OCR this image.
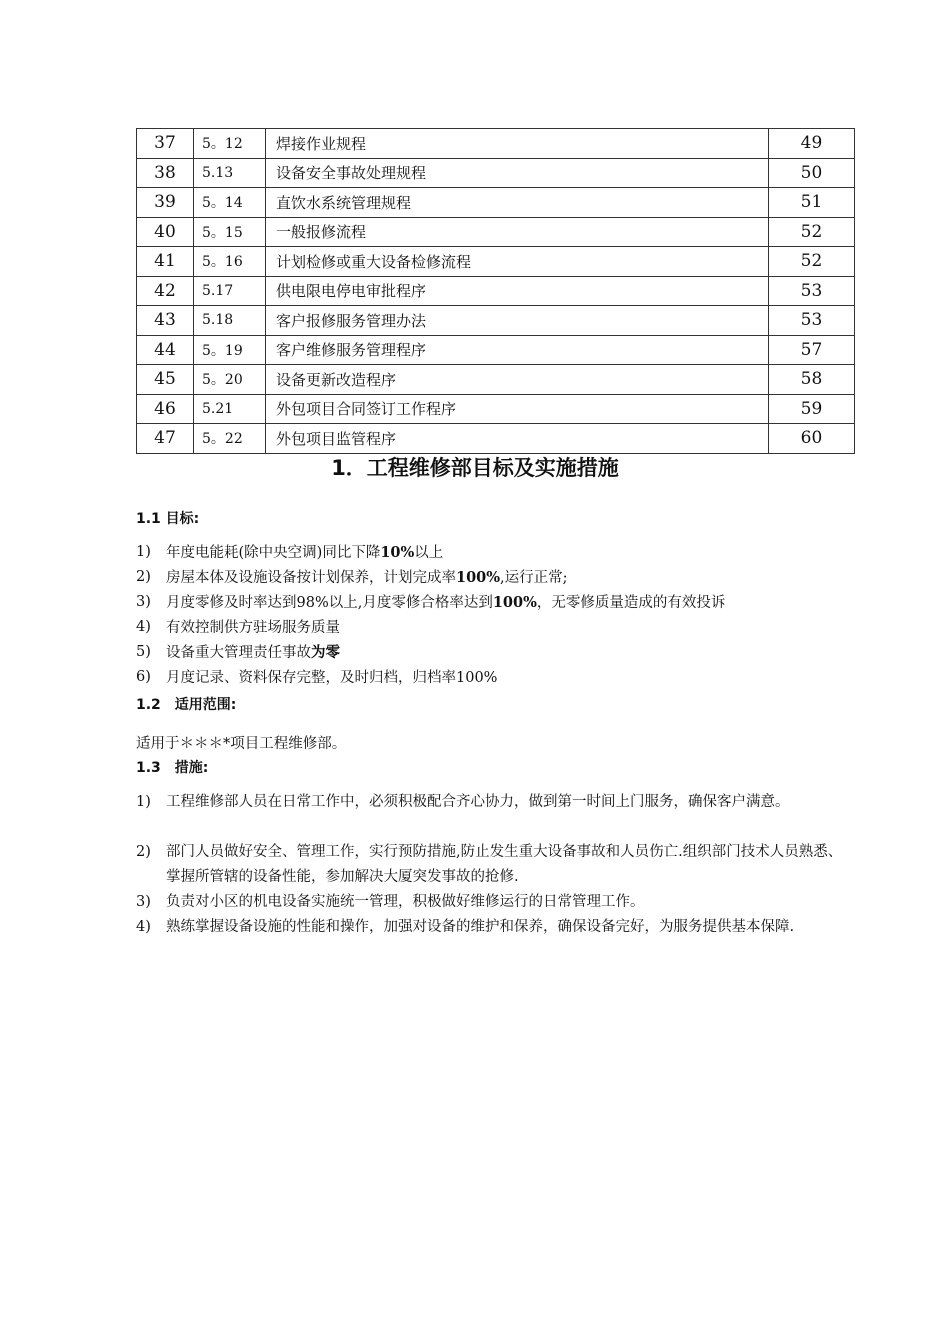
37	5。12	焊接作业规程	49
38	5.13	设备安全事故处理规程	50
39	5。14	直饮水系统管理规程	51
40	5。15	一般报修流程	52
41	5。16	计划检修或重大设备检修流程	52
42	5.17	供电限电停电审批程序	53
43	5.18	客户报修服务管理办法	53
44	5。19	客户维修服务管理程序	57
45	5。20	设备更新改造程序	58
46	5.21	外包项目合同签订工作程序	59
47	5。22	外包项目监管程序	60
1．工程维修部目标及实施措施
1.1 目标:
1) 年度电能耗(除中央空调)同比下降10%以上
2) 房屋本体及设施设备按计划保养，计划完成率100%,运行正常;
3) 月度零修及时率达到98%以上,月度零修合格率达到100%，无零修质量造成的有效投诉
4) 有效控制供方驻场服务质量
5) 设备重大管理责任事故为零
6) 月度记录、资料保存完整，及时归档，归档率100%
1.2　适用范围:
适用于＊＊＊*项目工程维修部。
1.3　措施:
1) 工程维修部人员在日常工作中，必须积极配合齐心协力，做到第一时间上门服务，确保客户满意。
2) 部门人员做好安全、管理工作，实行预防措施,防止发生重大设备事故和人员伤亡.组织部门技术人员熟悉、掌握所管辖的设备性能，参加解决大厦突发事故的抢修.
3) 负责对小区的机电设备实施统一管理，积极做好维修运行的日常管理工作。
4) 熟练掌握设备设施的性能和操作，加强对设备的维护和保养，确保设备完好，为服务提供基本保障.
